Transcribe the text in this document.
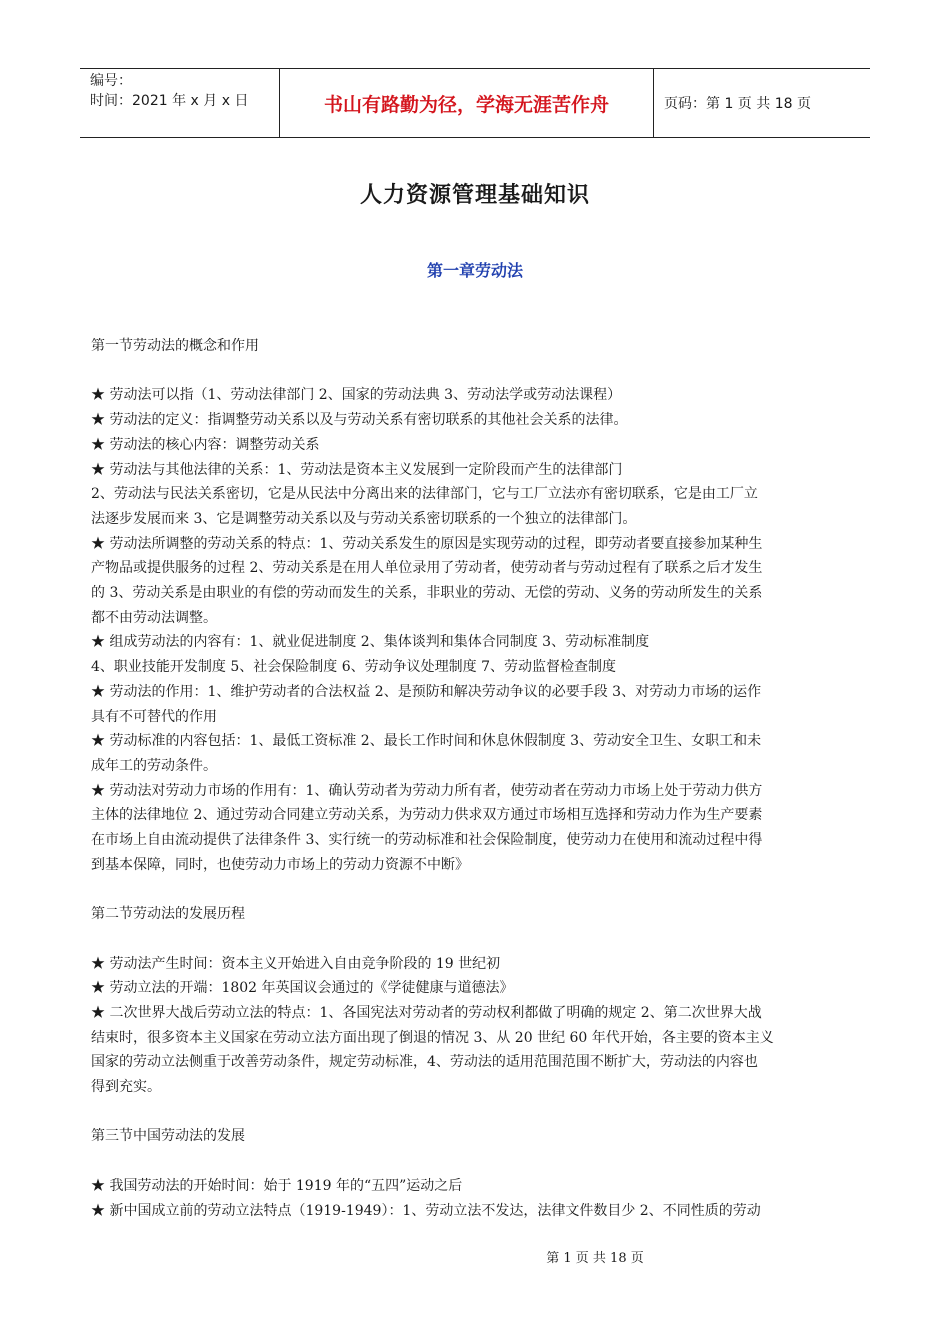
编号：
时间：2021 年 x 月 x 日	书山有路勤为径，学海无涯苦作舟	页码：第 1 页 共 18 页
人力资源管理基础知识
第一章劳动法

第一节劳动法的概念和作用

★ 劳动法可以指（1、劳动法律部门 2、国家的劳动法典 3、劳动法学或劳动法课程）

★ 劳动法的定义：指调整劳动关系以及与劳动关系有密切联系的其他社会关系的法律。

★ 劳动法的核心内容：调整劳动关系

★ 劳动法与其他法律的关系：1、劳动法是资本主义发展到一定阶段而产生的法律部门

2、劳动法与民法关系密切，它是从民法中分离出来的法律部门，它与工厂立法亦有密切联系，它是由工厂立

法逐步发展而来 3、它是调整劳动关系以及与劳动关系密切联系的一个独立的法律部门。

★ 劳动法所调整的劳动关系的特点：1、劳动关系发生的原因是实现劳动的过程，即劳动者要直接参加某种生

产物品或提供服务的过程 2、劳动关系是在用人单位录用了劳动者，使劳动者与劳动过程有了联系之后才发生

的 3、劳动关系是由职业的有偿的劳动而发生的关系，非职业的劳动、无偿的劳动、义务的劳动所发生的关系

都不由劳动法调整。

★ 组成劳动法的内容有：1、就业促进制度 2、集体谈判和集体合同制度 3、劳动标准制度

4、职业技能开发制度 5、社会保险制度 6、劳动争议处理制度 7、劳动监督检查制度

★ 劳动法的作用：1、维护劳动者的合法权益 2、是预防和解决劳动争议的必要手段 3、对劳动力市场的运作

具有不可替代的作用

★ 劳动标准的内容包括：1、最低工资标准 2、最长工作时间和休息休假制度 3、劳动安全卫生、女职工和未

成年工的劳动条件。

★ 劳动法对劳动力市场的作用有：1、确认劳动者为劳动力所有者，使劳动者在劳动力市场上处于劳动力供方

主体的法律地位 2、通过劳动合同建立劳动关系，为劳动力供求双方通过市场相互选择和劳动力作为生产要素

在市场上自由流动提供了法律条件 3、实行统一的劳动标准和社会保险制度，使劳动力在使用和流动过程中得

到基本保障，同时，也使劳动力市场上的劳动力资源不中断》

第二节劳动法的发展历程

★ 劳动法产生时间：资本主义开始进入自由竞争阶段的 19 世纪初

★ 劳动立法的开端：1802 年英国议会通过的《学徒健康与道德法》

★ 二次世界大战后劳动立法的特点：1、各国宪法对劳动者的劳动权利都做了明确的规定 2、第二次世界大战

结束时，很多资本主义国家在劳动立法方面出现了倒退的情况 3、从 20 世纪 60 年代开始，各主要的资本主义

国家的劳动立法侧重于改善劳动条件，规定劳动标准，4、劳动法的适用范围范围不断扩大，劳动法的内容也

得到充实。

第三节中国劳动法的发展

★ 我国劳动法的开始时间：始于 1919 年的“五四”运动之后

★ 新中国成立前的劳动立法特点（1919-1949）：1、劳动立法不发达，法律文件数目少 2、不同性质的劳动

第 1 页 共 18 页
